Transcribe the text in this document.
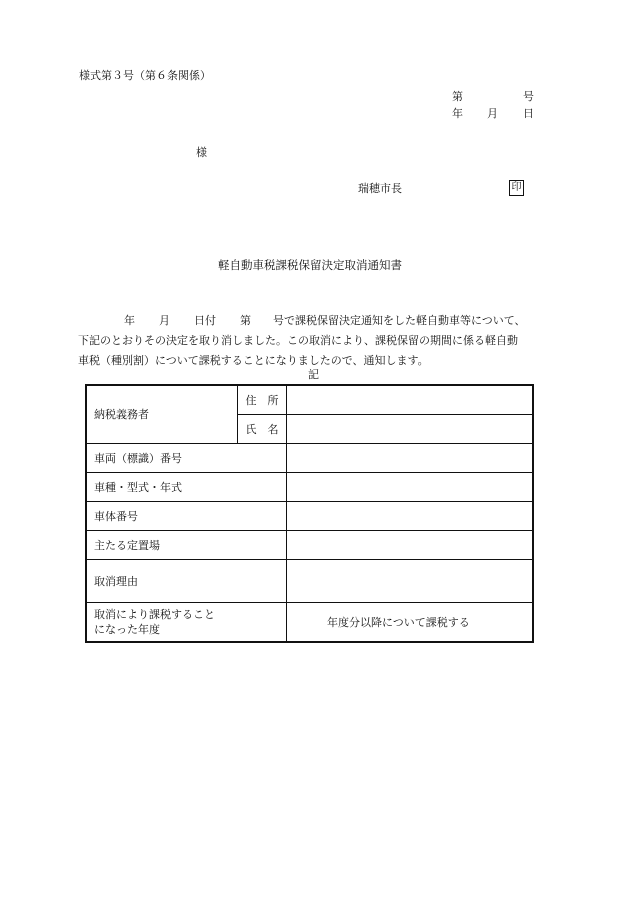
様式第３号（第６条関係）
第	号
年 月 日
様
瑞穂市長	印
軽自動車税課税保留決定取消通知書
年 月 日付 第 号で課税保留決定通知をした軽自動車等について、
下記のとおりその決定を取り消しました。この取消により、課税保留の期間に係る軽自動
車税（種別割）について課税することになりましたので、通知します。
記
納税義務者	住　所	
	氏　名	
車両（標識）番号		
車種・型式・年式		
車体番号		
主たる定置場		
取消理由		
取消により課税すること
になった年度		年度分以降について課税する
